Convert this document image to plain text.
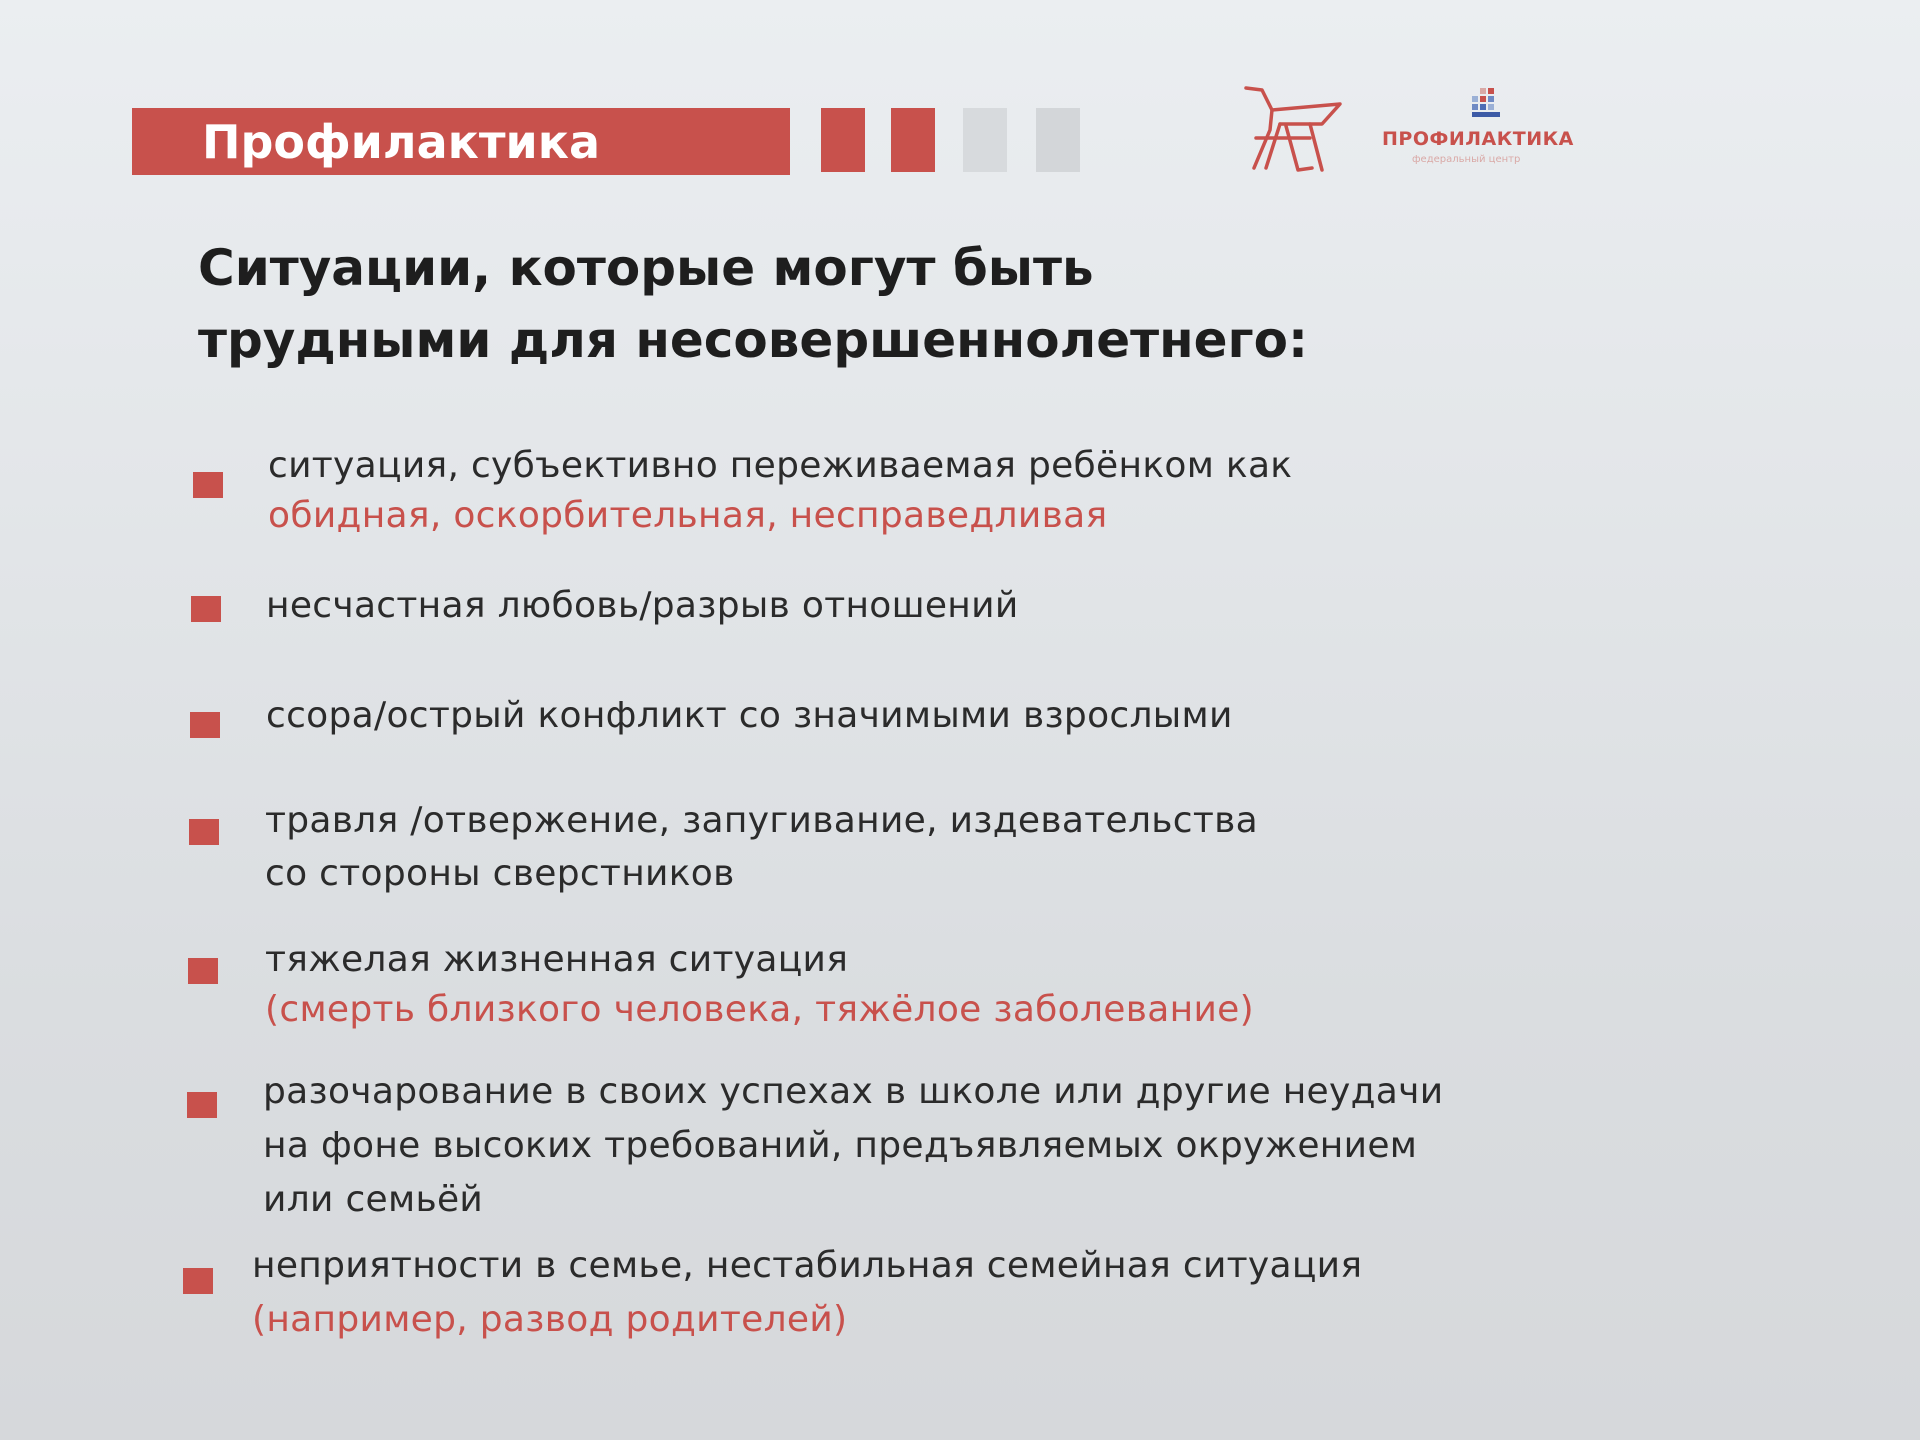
Профилактика	ПРОФИЛАКТИКА
федеральный центр
Ситуации, которые могут быть
трудными для несовершеннолетнего:
ситуация, субъективно переживаемая ребёнком как
обидная, оскорбительная, несправедливая
несчастная любовь/разрыв отношений
ссора/острый конфликт со значимыми взрослыми
травля /отвержение, запугивание, издевательства
со стороны сверстников
тяжелая жизненная ситуация
(смерть близкого человека, тяжёлое заболевание)
разочарование в своих успехах в школе или другие неудачи
на фоне высоких требований, предъявляемых окружением
или семьёй
неприятности в семье, нестабильная семейная ситуация
(например, развод родителей)
